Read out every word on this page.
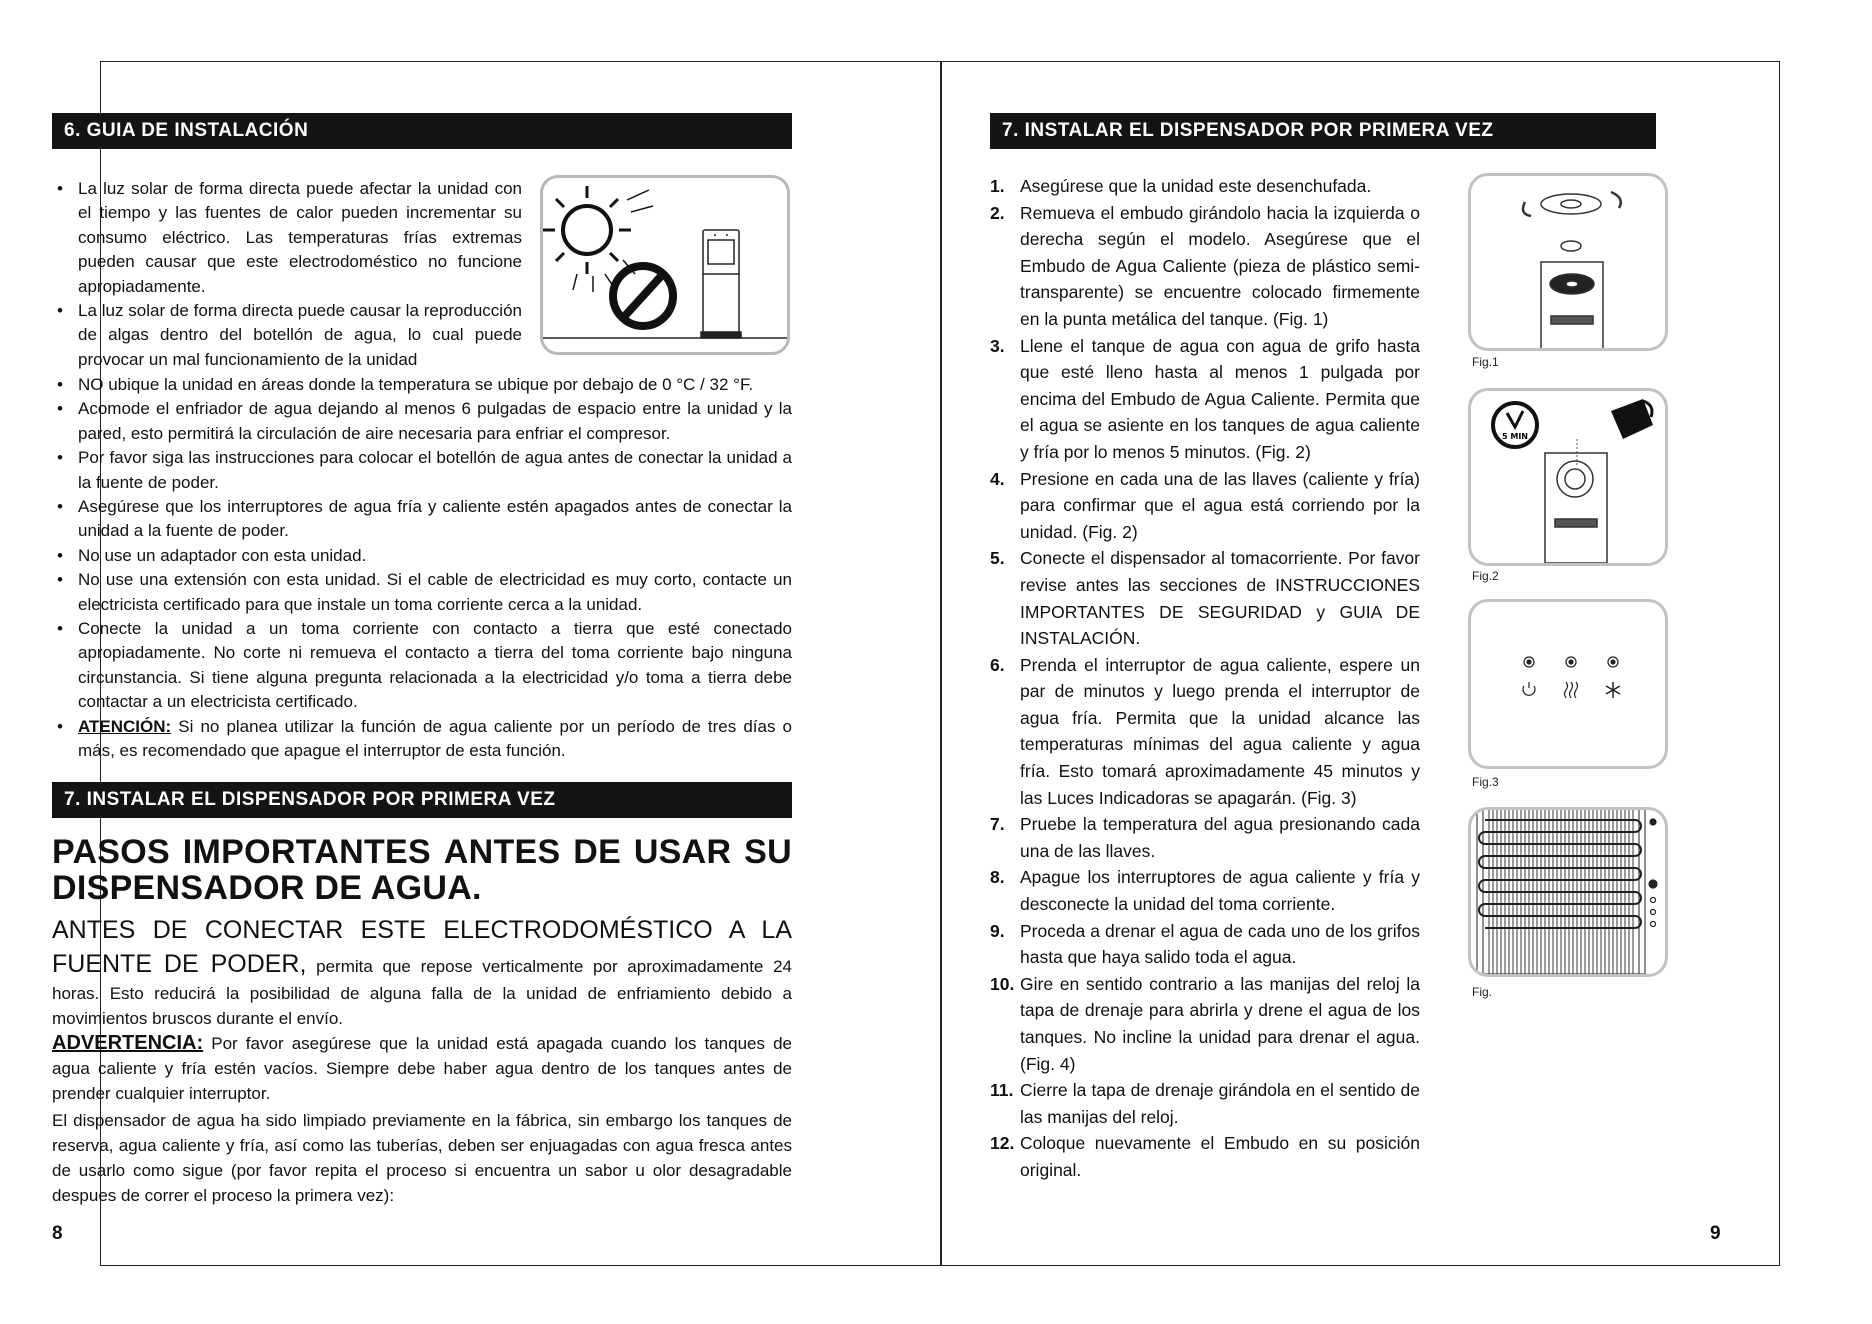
6. GUIA DE INSTALACIÓN
• La luz solar de forma directa puede afectar la unidad con el tiempo y las fuentes de calor pueden incrementar su consumo eléctrico. Las temperaturas frías extremas pueden causar que este electrodoméstico no funcione apropiadamente.
• La luz solar de forma directa puede causar la reproducción de algas dentro del botellón de agua, lo cual puede provocar un mal funcionamiento de la unidad
• NO ubique la unidad en áreas donde la temperatura se ubique por debajo de 0 °C / 32 °F.
• Acomode el enfriador de agua dejando al menos 6 pulgadas de espacio entre la unidad y la pared, esto permitirá la circulación de aire necesaria para enfriar el compresor.
• Por favor siga las instrucciones para colocar el botellón de agua antes de conectar la unidad a la fuente de poder.
• Asegúrese que los interruptores de agua fría y caliente estén apagados antes de conectar la unidad a la fuente de poder.
• No use un adaptador con esta unidad.
• No use una extensión con esta unidad. Si el cable de electricidad es muy corto, contacte un electricista certificado para que instale un toma corriente cerca a la unidad.
• Conecte la unidad a un toma corriente con contacto a tierra que esté conectado apropiadamente. No corte ni remueva el contacto a tierra del toma corriente bajo ninguna circunstancia. Si tiene alguna pregunta relacionada a la electricidad y/o toma a tierra debe contactar a un electricista certificado.
• ATENCIÓN: Si no planea utilizar la función de agua caliente por un período de tres días o más, es recomendado que apague el interruptor de esta función.
7. INSTALAR EL DISPENSADOR POR PRIMERA VEZ
PASOS IMPORTANTES ANTES DE USAR SU
DISPENSADOR DE AGUA.
ANTES DE CONECTAR ESTE ELECTRODOMÉSTICO A LA FUENTE DE PODER, permita que repose verticalmente por aproximadamente 24 horas. Esto reducirá la posibilidad de alguna falla de la unidad de enfriamiento debido a movimientos bruscos durante el envío.
ADVERTENCIA: Por favor asegúrese que la unidad está apagada cuando los tanques de agua caliente y fría estén vacíos. Siempre debe haber agua dentro de los tanques antes de prender cualquier interruptor.
El dispensador de agua ha sido limpiado previamente en la fábrica, sin embargo los tanques de reserva, agua caliente y fría, así como las tuberías, deben ser enjuagadas con agua fresca antes de usarlo como sigue (por favor repita el proceso si encuentra un sabor u olor desagradable despues de correr el proceso la primera vez):
8
7. INSTALAR EL DISPENSADOR POR PRIMERA VEZ
1. Asegúrese que la unidad este desenchufada.
2. Remueva el embudo girándolo hacia la izquierda o derecha según el modelo. Asegúrese que el Embudo de Agua Caliente (pieza de plástico semi-transparente) se encuentre colocado firmemente en la punta metálica del tanque. (Fig. 1)
3. Llene el tanque de agua con agua de grifo hasta que esté lleno hasta al menos 1 pulgada por encima del Embudo de Agua Caliente. Permita que el agua se asiente en los tanques de agua caliente y fría por lo menos 5 minutos. (Fig. 2)
4. Presione en cada una de las llaves (caliente y fría) para confirmar que el agua está corriendo por la unidad. (Fig. 2)
5. Conecte el dispensador al tomacorriente. Por favor revise antes las secciones de INSTRUCCIONES IMPORTANTES DE SEGURIDAD y GUIA DE INSTALACIÓN.
6. Prenda el interruptor de agua caliente, espere un par de minutos y luego prenda el interruptor de agua fría. Permita que la unidad alcance las temperaturas mínimas del agua caliente y agua fría. Esto tomará aproximadamente 45 minutos y las Luces Indicadoras se apagarán. (Fig. 3)
7. Pruebe la temperatura del agua presionando cada una de las llaves.
8. Apague los interruptores de agua caliente y fría y desconecte la unidad del toma corriente.
9. Proceda a drenar el agua de cada uno de los grifos hasta que haya salido toda el agua.
10. Gire en sentido contrario a las manijas del reloj la tapa de drenaje para abrirla y drene el agua de los tanques. No incline la unidad para drenar el agua. (Fig. 4)
11. Cierre la tapa de drenaje girándola en el sentido de las manijas del reloj.
12. Coloque nuevamente el Embudo en su posición original.
Fig.1
5 MIN
Fig.2
Fig.3
Fig.
9
